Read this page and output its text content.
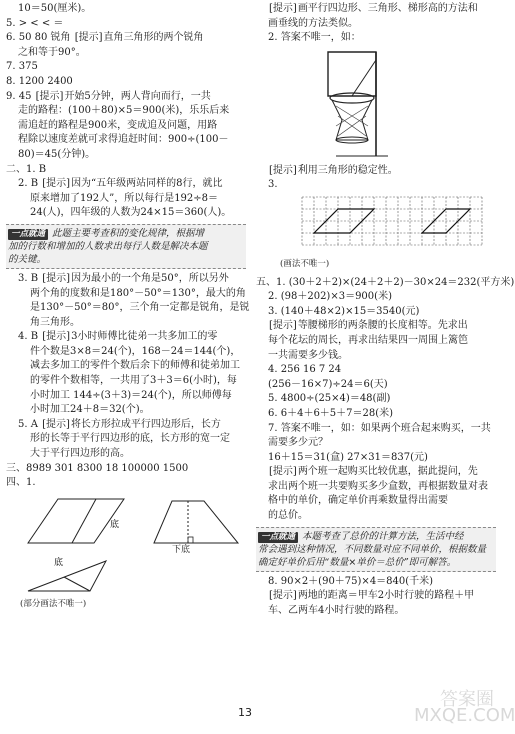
10＝50(厘米)。
5. > < < ＝
6. 50 80 锐角 [提示]直角三角形的两个锐角
之和等于90°。
7. 375
8. 1200 2400
9. 45 [提示]开始5分钟，两人背向而行，一共
走的路程：(100＋80)×5＝900(米)，乐乐后来
需追赶的路程是900米，变成追及问题，用路
程除以速度差就可求得追赶时间：900÷(100－
80)＝45(分钟)。
二、1. B
2. B [提示]因为“五年级两站同样的8行，就比
原来增加了192人”，所以每行是192÷8＝
24(人)，四年级的人数为24×15＝360(人)。
一点就通 此题主要考查积的变化规律，根据增
加的行数和增加的人数求出每行人数是解决本题
的关键。
3. B [提示]因为最小的一个角是50°，所以另外
两个角的度数和是180°－50°＝130°，最大的角
是130°－50°＝80°，三个角一定都是锐角，是锐
角三角形。
4. B [提示]3小时师傅比徒弟一共多加工的零
件个数是3×8＝24(个)，168－24＝144(个)，
减去多加工的零件个数后余下的师傅和徒弟加工
的零件个数相等，一共用了3＋3＝6(小时)，每
小时加工 144÷(3＋3)＝24(个)，所以师傅每
小时加工24＋8＝32(个)。
5. A [提示]将长方形拉成平行四边形后，长方
形的长等于平行四边形的底，长方形的宽一定
大于平行四边形的高。
三、8989 301 8300 18 100000 1500
四、1.
底
下底
底
(部分画法不唯一)
[提示]画平行四边形、三角形、梯形高的方法和
画垂线的方法类似。
2. 答案不唯一，如：
[提示]利用三角形的稳定性。
3.
(画法不唯一)
五、1. (30＋2＋2)×(24＋2＋2)－30×24＝232(平方米)
2. (98＋202)×3＝900(米)
3. (140＋48×2)×15＝3540(元)
[提示]等腰梯形的两条腰的长度相等。先求出
每个花坛的周长，再求出结果四一周围上篱笆
一共需要多少钱。
4. 256 16 7 24
(256－16×7)÷24＝6(天)
5. 4800÷(25×4)＝48(副)
6. 6＋4＋6＋5＋7＝28(米)
7. 答案不唯一，如：如果两个班合起来购买，一共
需要多少元？
16＋15＝31(盒) 27×31＝837(元)
[提示]两个班一起购买比较优惠，据此提问，先
求出两个班一共要购买多少盒数，再根据数量对表
格中的单价，确定单价再乘数量得出需要
的总价。
一点就通 本题考查了总价的计算方法，生活中经
常会遇到这种情况，不同数量对应不同单价，根据数量
确定好单价后用“数量×单价＝总价”即可解答。
8. 90×2＋(90＋75)×4＝840(千米)
[提示]两地的距离＝甲车2小时行驶的路程＋甲
车、乙两车4小时行驶的路程。
13
答案圈 MXQE.COM
